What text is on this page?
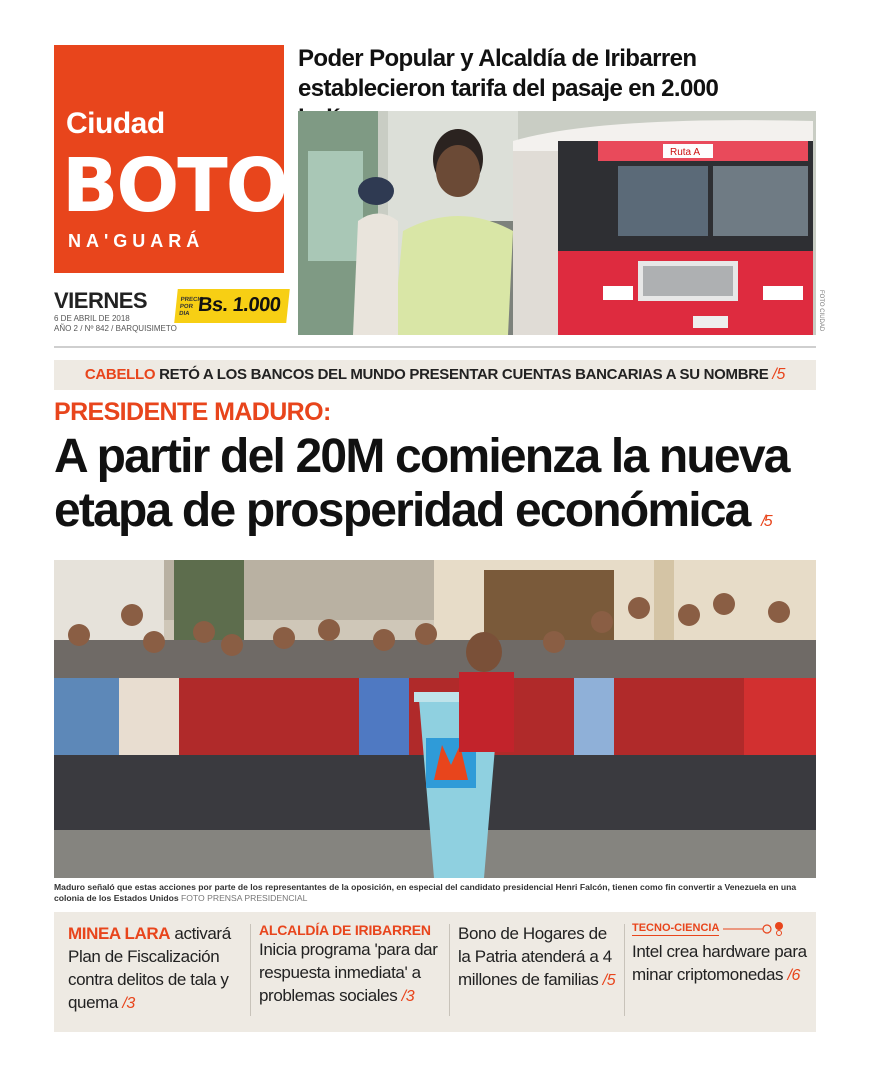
Ciudad
BOTO
NA'GUARÁ
VIERNES
6 DE ABRIL DE 2018
AÑO 2 / Nº 842 / BARQUISIMETO
PRECIO POR DIA Bs. 1.000
Poder Popular y Alcaldía de Iribarren establecieron tarifa del pasaje en 2.000
Ruta A
FOTO CIUDAD
CABELLO RETÓ A LOS BANCOS DEL MUNDO PRESENTAR CUENTAS BANCARIAS A SU NOMBRE /5
PRESIDENTE MADURO:
A partir del 20M comienza la nueva etapa de prosperidad económica /5
Maduro señaló que estas acciones por parte de los representantes de la oposición, en especial del candidato presidencial Henri Falcón, tienen como fin convertir a Venezuela en una colonia de los Estados Unidos FOTO PRENSA PRESIDENCIAL
MINEA LARA activará Plan de Fiscalización contra delitos de tala y quema /3
ALCALDÍA DE IRIBARREN
Inicia programa 'para dar respuesta inmediata' a problemas sociales /3
Bono de Hogares de la Patria atenderá a 4 millones de familias /5
TECNO-CIENCIA
Intel crea hardware para minar criptomonedas /6
